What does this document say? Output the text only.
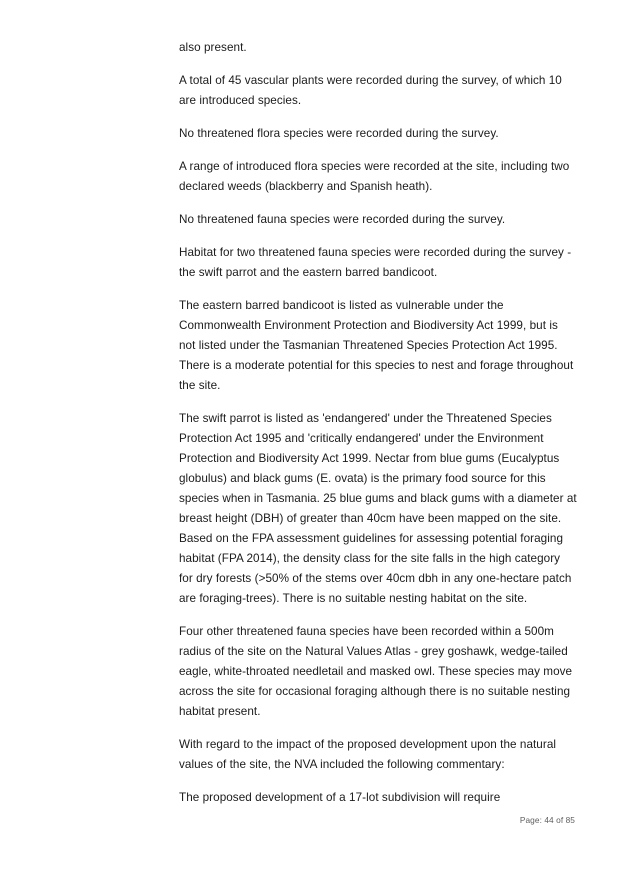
also present.

A total of 45 vascular plants were recorded during the survey, of which 10 are introduced species.

No threatened flora species were recorded during the survey.

A range of introduced flora species were recorded at the site, including two declared weeds (blackberry and Spanish heath).

No threatened fauna species were recorded during the survey.

Habitat for two threatened fauna species were recorded during the survey - the swift parrot and the eastern barred bandicoot.

The eastern barred bandicoot is listed as vulnerable under the Commonwealth Environment Protection and Biodiversity Act 1999, but is not listed under the Tasmanian Threatened Species Protection Act 1995. There is a moderate potential for this species to nest and forage throughout the site.

The swift parrot is listed as 'endangered' under the Threatened Species Protection Act 1995 and 'critically endangered' under the Environment Protection and Biodiversity Act 1999. Nectar from blue gums (Eucalyptus globulus) and black gums (E. ovata) is the primary food source for this species when in Tasmania. 25 blue gums and black gums with a diameter at breast height (DBH) of greater than 40cm have been mapped on the site. Based on the FPA assessment guidelines for assessing potential foraging habitat (FPA 2014), the density class for the site falls in the high category for dry forests (>50% of the stems over 40cm dbh in any one-hectare patch are foraging-trees). There is no suitable nesting habitat on the site.

Four other threatened fauna species have been recorded within a 500m radius of the site on the Natural Values Atlas - grey goshawk, wedge-tailed eagle, white-throated needletail and masked owl. These species may move across the site for occasional foraging although there is no suitable nesting habitat present.

With regard to the impact of the proposed development upon the natural values of the site, the NVA included the following commentary:

The proposed development of a 17-lot subdivision will require

Page: 44 of 85
